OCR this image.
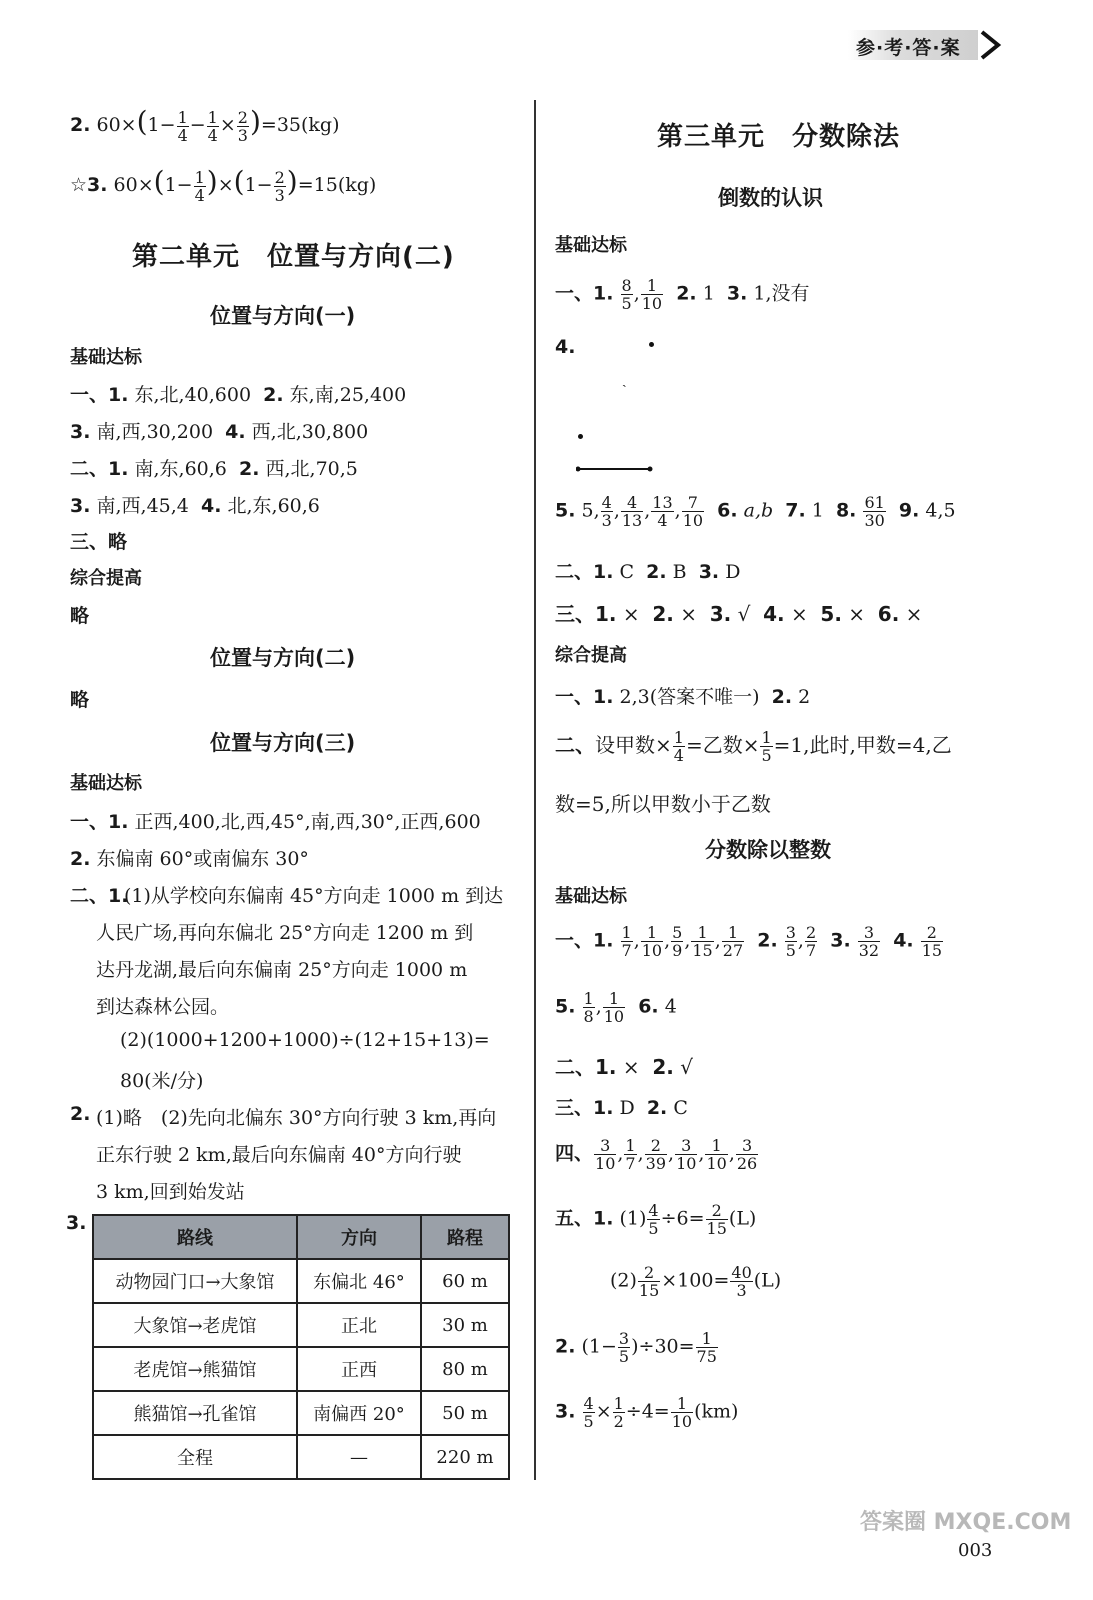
参·考·答·案
2. $60\times(1- \frac{1}{4} - \frac{1}{4} \times \frac{2}{3} )=35(kg)$
☆3. $60\times(1- \frac{1}{4} )\times(1- \frac{2}{3} )=15(kg)$
第二单元　位置与方向(二)
位置与方向(一)
基础达标
一、1. 东,北,40,600 2. 东,南,25,400
3. 南,西,30,200 4. 西,北,30,800
二、1. 南,东,60,6 2. 西,北,70,5
3. 南,西,45,4 4. 北,东,60,6
三、略
综合提高
略
位置与方向(二)
略
位置与方向(三)
基础达标
一、1. 正西,400,北,西,45°,南,西,30°,正西,600
2. 东偏南 60°或南偏东 30°
二、1.
(1)从学校向东偏南 45°方向走 1000 m 到达
人民广场,再向东偏北 25°方向走 1200 m 到
达丹龙湖,最后向东偏南 25°方向走 1000 m
到达森林公园。
(2)(1000+1200+1000)÷(12+15+13)=
80(米/分)
2. (1)略　(2)先向北偏东 30°方向行驶 3 km,再向
正东行驶 2 km,最后向东偏南 40°方向行驶
3 km,回到始发站
3.
路线	方向	路程
动物园门口→大象馆	东偏北 46°	60 m
大象馆→老虎馆	正北	30 m
老虎馆→熊猫馆	正西	80 m
熊猫馆→孔雀馆	南偏西 20°	50 m
全程	—	220 m
第三单元　分数除法
倒数的认识
基础达标
一、1. $\frac{8}{5}$ , $\frac{1}{10} 2$. 1 3. 1,没有
4.
ˎ
5. 5, $\frac{4}{3}$ , $\frac{4}{13}$ , $\frac{13}{4}$ , $\frac{7}{10} 6$. a,b 7. 1 8. $\frac{61}{30} 9$. 4,5
二、1. C 2. B 3. D
三、1. × 2. × 3. √ 4. × 5. × 6. ×
综合提高
一、1. 2,3(答案不唯一) 2. 2
二、设甲数× $\frac{1}{4}$ =乙数× $\frac{1}{5} =1$,此时,甲数=4,乙
数=5,所以甲数小于乙数
分数除以整数
基础达标
一、1. $\frac{1}{7}$ , $\frac{1}{10}$ , $\frac{5}{9}$ , $\frac{1}{15}$ , $\frac{1}{27} 2$. $\frac{3}{5}$ , $\frac{2}{7} 3$. $\frac{3}{32} 4$. $\frac{2}{15}$
5. $\frac{1}{8}$ , $\frac{1}{10} 6$. 4
二、1. × 2. √
三、1. D 2. C
四、 $\frac{3}{10}$ , $\frac{1}{7}$ , $\frac{2}{39}$ , $\frac{3}{10}$ , $\frac{1}{10}$ , $\frac{3}{26}$
五、1. $(1) \frac{4}{5} \div 6= \frac{2}{15} (L)$
$(2) \frac{2}{15} \times 100= \frac{40}{3} (L)$
2. $(1- \frac{3}{5} )\div 30= \frac{1}{75}$
3. $\frac{4}{5} \times \frac{1}{2} \div 4= \frac{1}{10} (km)$
答案圈 MXQE.COM
003
